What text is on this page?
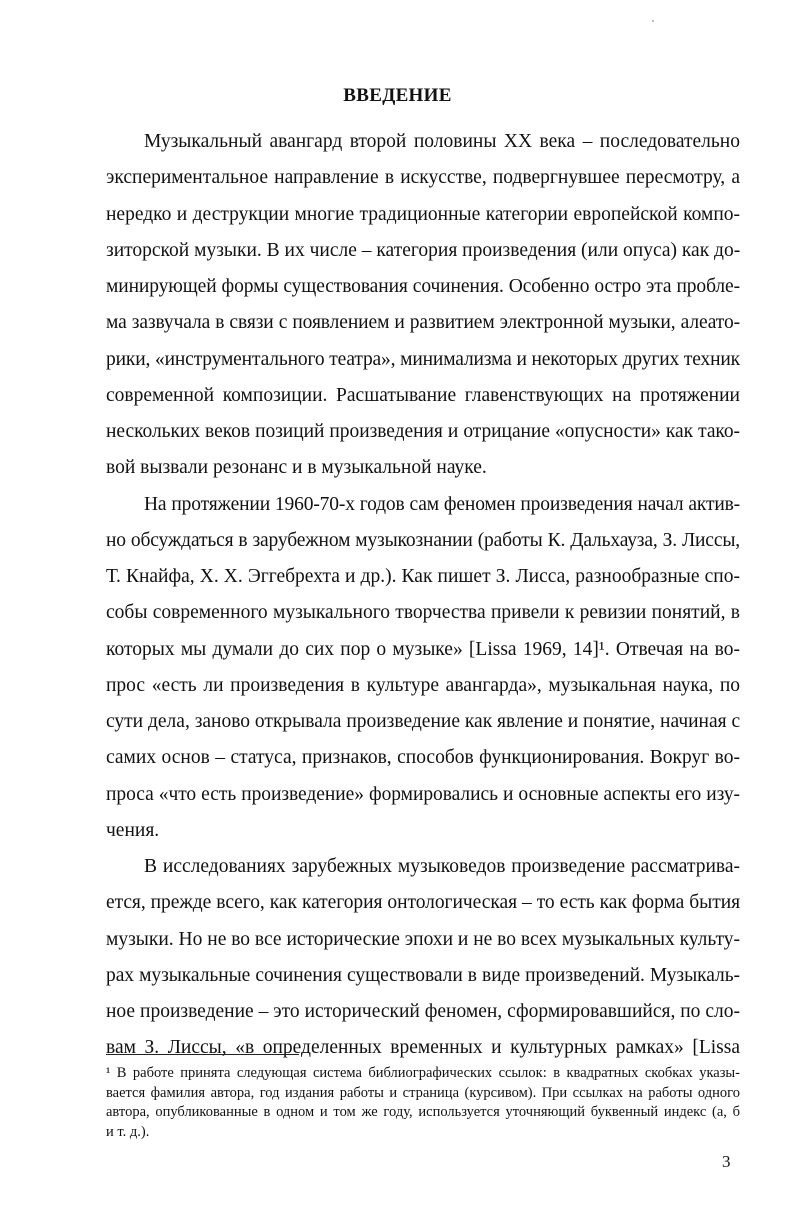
ВВЕДЕНИЕ
Музыкальный авангард второй половины XX века – последовательно
экспериментальное направление в искусстве, подвергнувшее пересмотру, а
нередко и деструкции многие традиционные категории европейской компо-
зиторской музыки. В их числе – категория произведения (или опуса) как до-
минирующей формы существования сочинения. Особенно остро эта пробле-
ма зазвучала в связи с появлением и развитием электронной музыки, алеато-
рики, «инструментального театра», минимализма и некоторых других техник
современной композиции. Расшатывание главенствующих на протяжении
нескольких веков позиций произведения и отрицание «опусности» как тако-
вой вызвали резонанс и в музыкальной науке.
На протяжении 1960-70-х годов сам феномен произведения начал актив-
но обсуждаться в зарубежном музыкознании (работы К. Дальхауза, З. Лиссы,
Т. Кнайфа, Х. Х. Эггебрехта и др.). Как пишет З. Лисса, разнообразные спо-
собы современного музыкального творчества привели к ревизии понятий, в
которых мы думали до сих пор о музыке» [Lissa 1969, 14]¹. Отвечая на во-
прос «есть ли произведения в культуре авангарда», музыкальная наука, по
сути дела, заново открывала произведение как явление и понятие, начиная с
самих основ – статуса, признаков, способов функционирования. Вокруг во-
проса «что есть произведение» формировались и основные аспекты его изу-
чения.
В исследованиях зарубежных музыковедов произведение рассматрива-
ется, прежде всего, как категория онтологическая – то есть как форма бытия
музыки. Но не во все исторические эпохи и не во всех музыкальных культу-
рах музыкальные сочинения существовали в виде произведений. Музыкаль-
ное произведение – это исторический феномен, сформировавшийся, по сло-
вам З. Лиссы, «в определенных временных и культурных рамках» [Lissa
¹ В работе принята следующая система библиографических ссылок: в квадратных скобках указы-
вается фамилия автора, год издания работы и страница (курсивом). При ссылках на работы одного
автора, опубликованные в одном и том же году, используется уточняющий буквенный индекс (а, б
и т. д.).
3
